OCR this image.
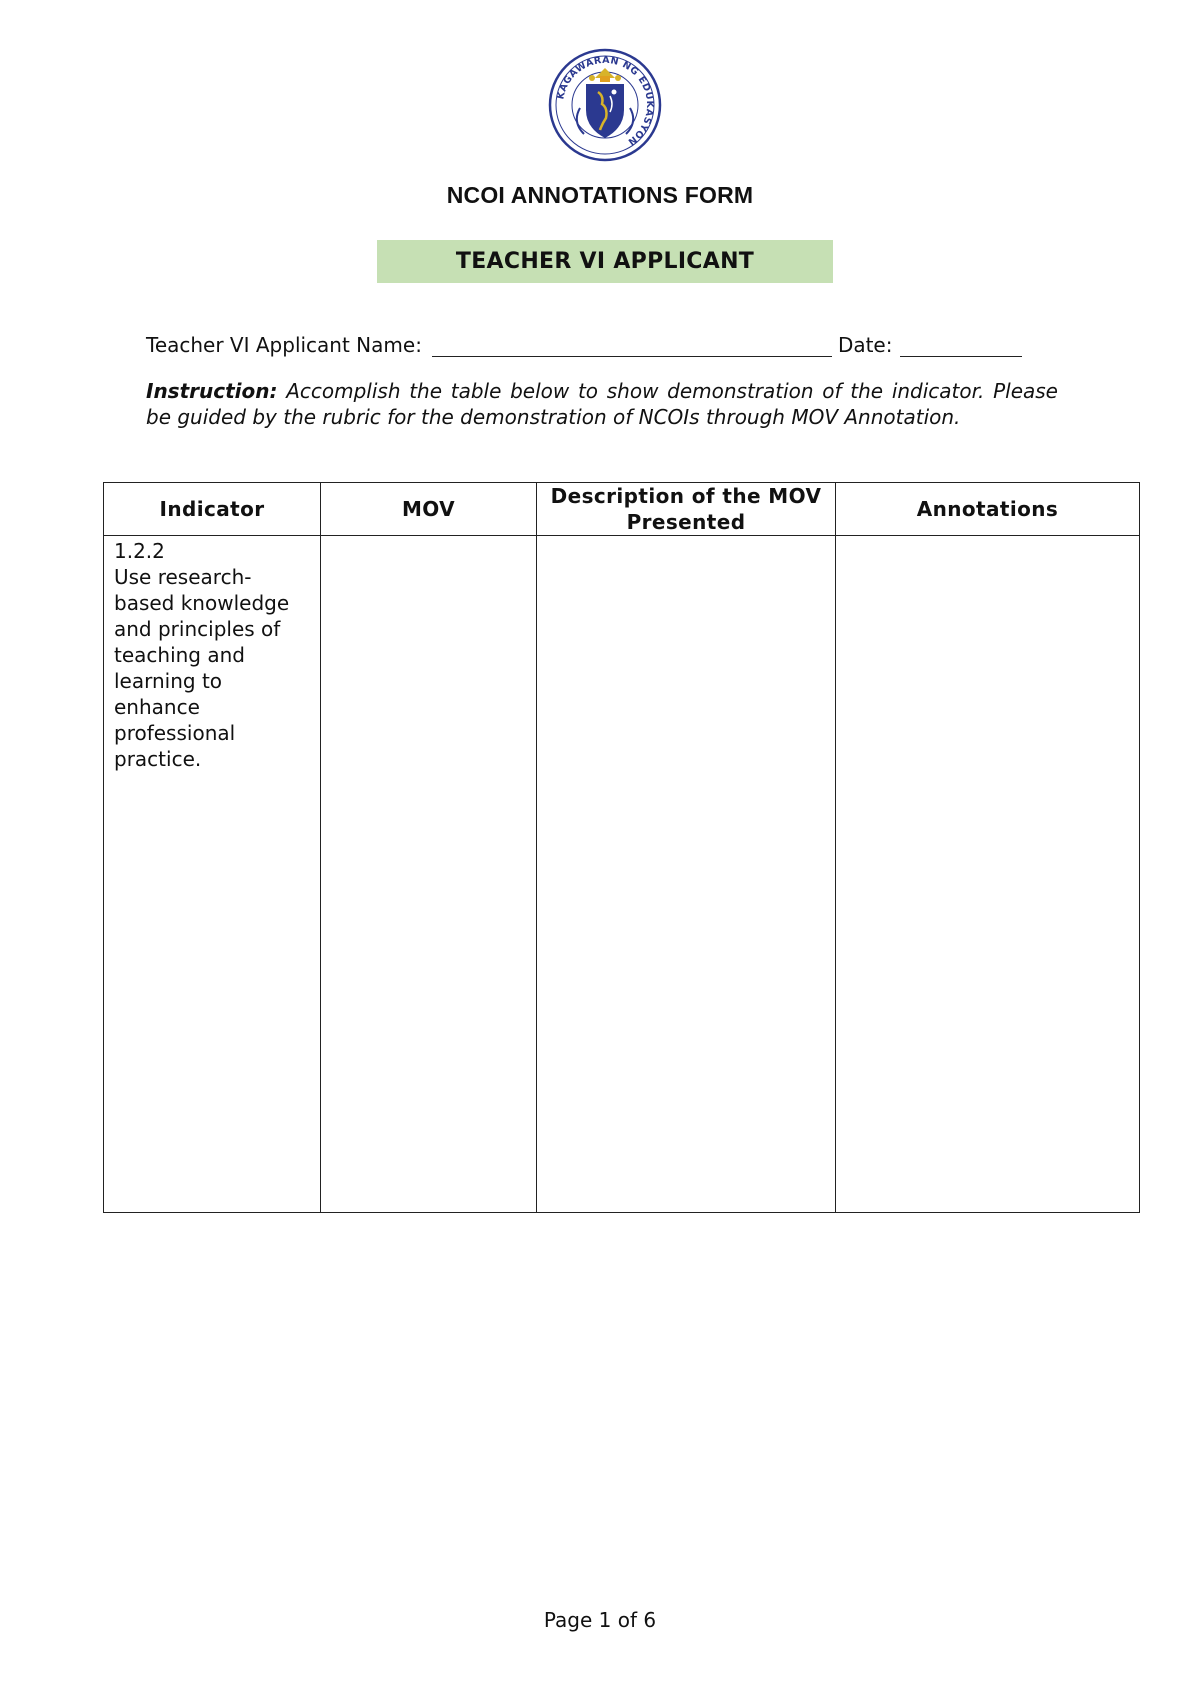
KAGAWARAN NG EDUKASYON
NCOI ANNOTATIONS FORM
TEACHER VI APPLICANT
Teacher VI Applicant Name:	Date:
Instruction: Accomplish the table below to show demonstration of the indicator. Please be guided by the rubric for the demonstration of NCOIs through MOV Annotation.
Indicator	MOV	Description of the MOV Presented	Annotations

1.2.2
Use research-based knowledge and principles of teaching and learning to enhance professional practice.			

Page 1 of 6
